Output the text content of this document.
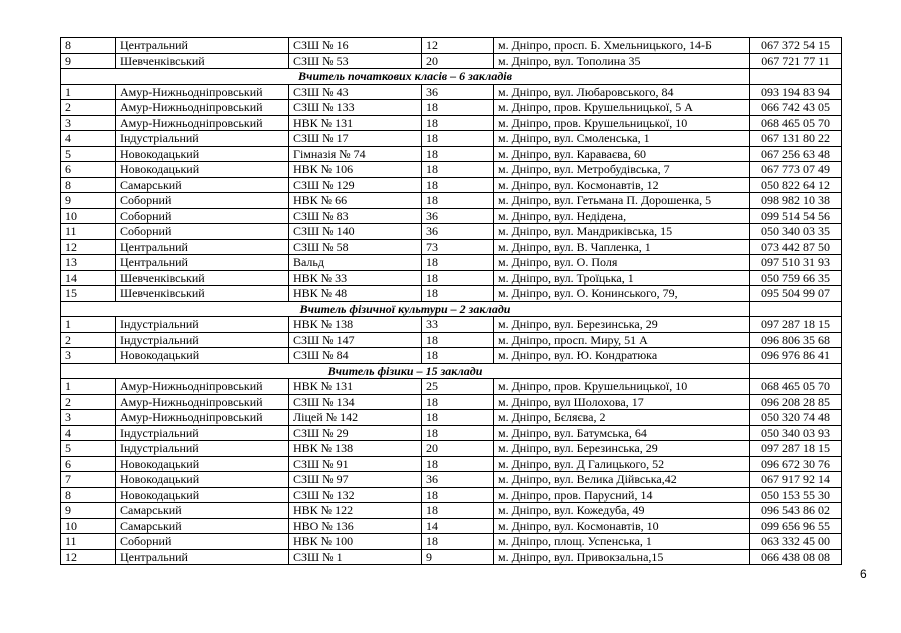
8	Центральний	СЗШ № 16	12	м. Дніпро, просп. Б. Хмельницького, 14-Б	067 372 54 15
9	Шевченківський	СЗШ № 53	20	м. Дніпро, вул. Тополина 35	067 721 77 11
Вчитель початкових класів – 6 закладів					
1	Амур-Нижньодніпровський	СЗШ № 43	36	м. Дніпро, вул. Любаровського, 84	093 194 83 94
2	Амур-Нижньодніпровський	СЗШ № 133	18	м. Дніпро, пров. Крушельницької, 5 А	066 742 43 05
3	Амур-Нижньодніпровський	НВК № 131	18	м. Дніпро, пров. Крушельницької, 10	068 465 05 70
4	Індустріальний	СЗШ № 17	18	м. Дніпро, вул. Смоленська, 1	067 131 80 22
5	Новокодацький	Гімназія № 74	18	м. Дніпро, вул. Караваєва, 60	067 256 63 48
6	Новокодацький	НВК № 106	18	м. Дніпро, вул. Метробудівська, 7	067 773 07 49
8	Самарський	СЗШ № 129	18	м. Дніпро, вул. Космонавтів, 12	050 822 64 12
9	Соборний	НВК № 66	18	м. Дніпро, вул. Гетьмана П. Дорошенка, 5	098 982 10 38
10	Соборний	СЗШ № 83	36	м. Дніпро, вул. Недідена,	099 514 54 56
11	Соборний	СЗШ № 140	36	м. Дніпро, вул. Мандриківська, 15	050 340 03 35
12	Центральний	СЗШ № 58	73	м. Дніпро, вул. В. Чапленка, 1	073 442 87 50
13	Центральний	Вальд	18	м. Дніпро, вул. О. Поля	097 510 31 93
14	Шевченківський	НВК № 33	18	м. Дніпро, вул. Троїцька, 1	050 759 66 35
15	Шевченківський	НВК № 48	18	м. Дніпро, вул. О. Конинського, 79,	095 504 99 07
Вчитель фізичної культури – 2 заклади					
1	Індустріальний	НВК № 138	33	м. Дніпро, вул. Березинська, 29	097 287 18 15
2	Індустріальний	СЗШ № 147	18	м. Дніпро, просп. Миру, 51 А	096 806 35 68
3	Новокодацький	СЗШ № 84	18	м. Дніпро, вул. Ю. Кондратюка	096 976 86 41
Вчитель фізики – 15 заклади					
1	Амур-Нижньодніпровський	НВК № 131	25	м. Дніпро, пров. Крушельницької, 10	068 465 05 70
2	Амур-Нижньодніпровський	СЗШ № 134	18	м. Дніпро, вул Шолохова, 17	096 208 28 85
3	Амур-Нижньодніпровський	Ліцей № 142	18	м. Дніпро, Бєляєва, 2	050 320 74 48
4	Індустріальний	СЗШ № 29	18	м. Дніпро, вул. Батумська, 64	050 340 03 93
5	Індустріальний	НВК № 138	20	м. Дніпро, вул. Березинська, 29	097 287 18 15
6	Новокодацький	СЗШ № 91	18	м. Дніпро, вул. Д Галицького, 52	096 672 30 76
7	Новокодацький	СЗШ № 97	36	м. Дніпро, вул. Велика Дійвська,42	067 917 92 14
8	Новокодацький	СЗШ № 132	18	м. Дніпро, пров. Парусний, 14	050 153 55 30
9	Самарський	НВК № 122	18	м. Дніпро, вул. Кожедуба, 49	096 543 86 02
10	Самарський	НВО № 136	14	м. Дніпро, вул. Космонавтів, 10	099 656 96 55
11	Соборний	НВК № 100	18	м. Дніпро, площ. Успенська, 1	063 332 45 00
12	Центральний	СЗШ № 1	9	м. Дніпро, вул. Привокзальна,15	066 438 08 08
6
